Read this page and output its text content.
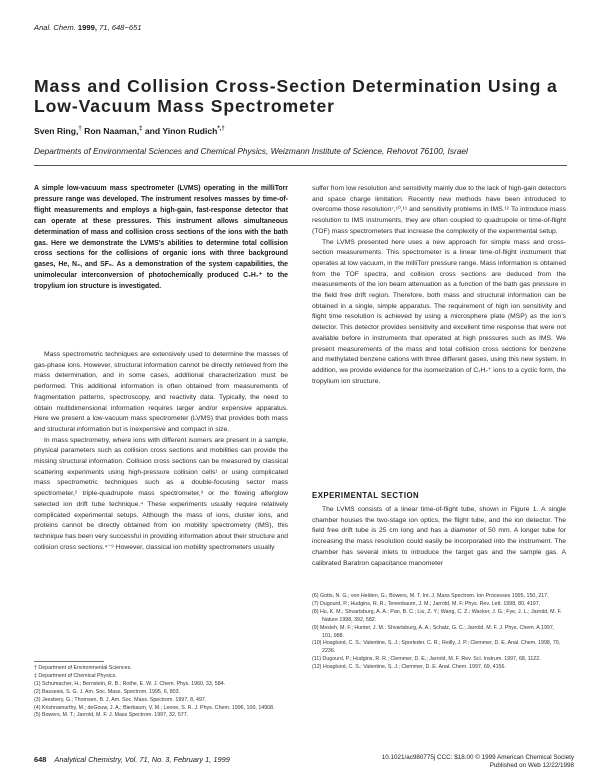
Anal. Chem. 1999, 71, 648−651
Mass and Collision Cross-Section Determination Using a Low-Vacuum Mass Spectrometer
Sven Ring,† Ron Naaman,‡ and Yinon Rudich*,†
Departments of Environmental Sciences and Chemical Physics, Weizmann Institute of Science, Rehovot 76100, Israel

A simple low-vacuum mass spectrometer (LVMS) operating in the milliTorr pressure range was developed. The instrument resolves masses by time-of-flight measurements and employs a high-gain, fast-response detector that can operate at these pressures. This instrument allows simultaneous determination of mass and collision cross sections of the ions with the bath gas. Here we demonstrate the LVMS’s abilities to determine total collision cross sections for the collisions of organic ions with three background gases, He, N₂, and SF₆. As a demonstration of the system capabilities, the unimolecular interconversion of photochemically produced C₇H₇⁺ to the tropylium ion structure is investigated.

Mass spectrometric techniques are extensively used to determine the masses of gas-phase ions. However, structural information cannot be directly retrieved from the mass determination, and in some cases, additional characterization must be performed. This additional information is often obtained from measurements of fragmentation patterns, spectroscopy, and reactivity data. Typically, the need to obtain multidimensional information requires larger and/or expensive apparatus. Here we present a low-vacuum mass spectrometer (LVMS) that provides both mass and structural information but is inexpensive and compact in size.

In mass spectrometry, where ions with different isomers are present in a sample, physical parameters such as collision cross sections and mobilities can provide the missing structural information. Collision cross sections can be measured by classical scattering experiments using high-pressure collision cells¹ or using complicated mass spectrometric techniques such as a double-focusing sector mass spectrometer,² triple-quadrupole mass spectrometer,³ or the flowing afterglow selected ion drift tube technique.⁴ These experiments usually require relatively complicated experimental setups. Although the mass of ions, cluster ions, and proteins cannot be directly obtained from ion mobility spectrometry (IMS), this technique has been very successful in providing information about their structure and collision cross sections.⁴⁻⁹ However, classical ion mobility spectrometers usually

suffer from low resolution and sensitivity mainly due to the lack of high-gain detectors and space charge limitation. Recently new methods have been introduced to overcome those resolution⁷,¹⁰,¹¹ and sensitivity problems in IMS.¹² To introduce mass resolution to IMS instruments, they are often coupled to quadrupole or time-of-flight (TOF) mass spectrometers that increase the complexity of the experimental setup.

The LVMS presented here uses a new approach for simple mass and cross-section measurements. This spectrometer is a linear time-of-flight instrument that operates at low vacuum, in the milliTorr pressure range. Mass information is obtained from the TOF spectra, and collision cross sections are deduced from the measurements of the ion beam attenuation as a function of the bath gas pressure in the field free drift region. Therefore, both mass and structural information can be obtained in a single, simple apparatus. The requirement of high ion sensitivity and flight time resolution is achieved by using a microsphere plate (MSP) as the ion’s detector. This detector provides sensitivity and excellent time response that were not available before in instruments that operated at high pressures such as IMS. We present measurements of the mass and total collision cross sections for benzene and methylated benzene cations with three different gases, using this new system. In addition, we provide evidence for the isomerization of C₇H₇⁺ ions to a cyclic form, the tropylium ion structure.

EXPERIMENTAL SECTION

The LVMS consists of a linear time-of-flight tube, shown in Figure 1. A single chamber houses the two-stage ion optics, the flight tube, and the ion detector. The field free drift tube is 25 cm long and has a diameter of 50 mm. A longer tube for increasing the mass resolution could easily be incorporated into the instrument. The chamber has several inlets to introduce the target gas and the sample gas. A calibrated Baratron capacitance manometer

† Department of Environmental Sciences.

‡ Department of Chemical Physics.

(1) Schumacher, H.; Bernstein, R. B.; Rothe, E. W. J. Chem. Phys. 1960, 33, 584.

(2) Bassesis, S. G. J. Am. Soc. Mass. Spectrom. 1995, 6, 803.

(3) Jeesbery, G.; Thomsen, B. J. Am. Soc. Mass. Spectrom. 1997, 8, 497.

(4) Krishnamurthy, M.; deGouw, J. A.; Bierbaum, V. M.; Leone, S. R. J. Phys. Chem. 1996, 100, 14908.

(5) Bowers, M. T.; Jarrold, M. F. J. Mass Spectrom. 1997, 32, 577.

(6) Gotts, N. G.; von Helden, G.; Bowers, M. T. Int. J. Mass Spectrom. Ion Processes 1995, 150, 217.

(7) Dugourd, P.; Hudgins, R. R.; Tenenbaum, J. M.; Jarrold, M. F. Phys. Rev. Lett. 1998, 80, 4197.

(8) Hu, K. M.; Shvartsburg, A. A.; Pan, B. C.; Liu, Z. Y.; Wang, C. Z.; Wacker, J. G.; Fye, J. L.; Jarrold, M. F. Nature 1998, 392, 582.

(9) Mesleh, M. F.; Hunter, J. M.; Shvartsburg, A. A.; Schatz, G. C.; Jarrold, M. F. J. Phys. Chem. A 1997, 101, 988.

(10) Hoaglund, C. S.; Valentine, S. J.; Sporleder, C. R.; Reilly, J. P.; Clemmer, D. E. Anal. Chem. 1998, 70, 2236.

(11) Dugourd, P.; Hudgins, R. R.; Clemmer, D. E.; Jarrold, M. F. Rev. Sci. Instrum. 1997, 68, 1122.

(12) Hoaglund, C. S.; Valentine, S. J.; Clemmer, D. E. Anal. Chem. 1997, 69, 4156.

648 Analytical Chemistry, Vol. 71, No. 3, February 1, 1999	10.1021/ac980775j CCC: $18.00 © 1999 American Chemical Society
Published on Web 12/22/1998
